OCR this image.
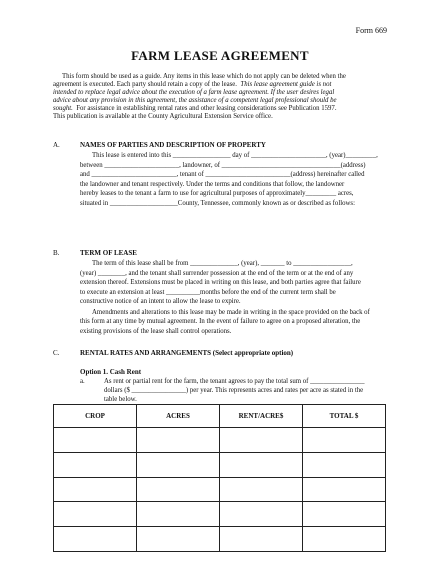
Form 669
FARM LEASE AGREEMENT
This form should be used as a guide. Any items in this lease which do not apply can be deleted when the
agreement is executed. Each party should retain a copy of the lease. This lease agreement guide is not
intended to replace legal advice about the execution of a farm lease agreement. If the user desires legal
advice about any provision in this agreement, the assistance of a competent legal professional should be
sought. For assistance in establishing rental rates and other leasing considerations see Publication 1597.
This publication is available at the County Agricultural Extension Service office.
A.	NAMES OF PARTIES AND DESCRIPTION OF PROPERTY
This lease is entered into this _________________ day of ______________________, (year)_________,
between ______________________, landowner, of ___________________________________(address)
and _________________________, tenant of _________________________(address) hereinafter called
the landowner and tenant respectively. Under the terms and conditions that follow, the landowner
hereby leases to the tenant a farm to use for agricultural purposes of approximately_________ acres,
situated in ____________________County, Tennessee, commonly known as or described as follows:
B.	TERM OF LEASE
The term of this lease shall be from ______________, (year), _______ to _________________,
(year) ________, and the tenant shall surrender possession at the end of the term or at the end of any
extension thereof. Extensions must be placed in writing on this lease, and both parties agree that failure
to execute an extension at least __________months before the end of the current term shall be
constructive notice of an intent to allow the lease to expire.
Amendments and alterations to this lease may be made in writing in the space provided on the back of
this form at any time by mutual agreement. In the event of failure to agree on a proposed alteration, the
existing provisions of the lease shall control operations.
C.	RENTAL RATES AND ARRANGEMENTS (Select appropriate option)
Option 1. Cash Rent
a.	As rent or partial rent for the farm, the tenant agrees to pay the total sum of ________________
dollars ($ ________________) per year. This represents acres and rates per acre as stated in the
table below.
CROP	ACRES	RENT/ACRE$	TOTAL $
